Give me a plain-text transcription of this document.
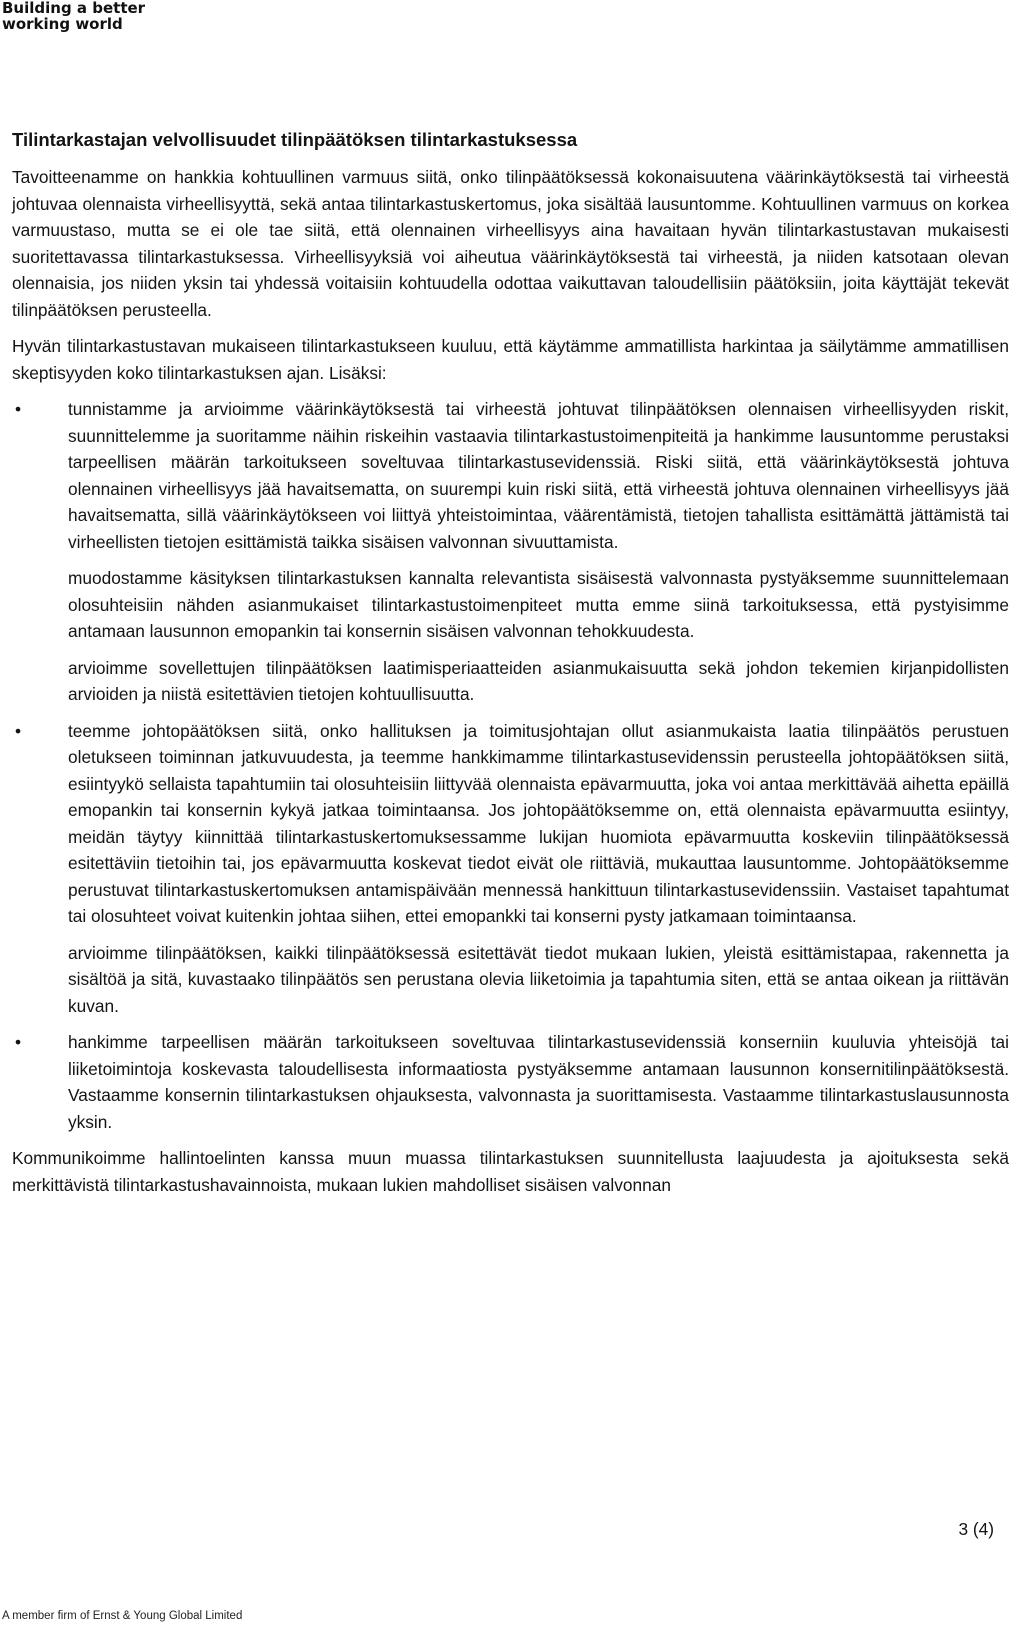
Building a better
working world
Tilintarkastajan velvollisuudet tilinpäätöksen tilintarkastuksessa

Tavoitteenamme on hankkia kohtuullinen varmuus siitä, onko tilinpäätöksessä kokonaisuutena väärinkäytöksestä tai virheestä johtuvaa olennaista virheellisyyttä, sekä antaa tilintarkastuskertomus, joka sisältää lausuntomme. Kohtuullinen varmuus on korkea varmuustaso, mutta se ei ole tae siitä, että olennainen virheellisyys aina havaitaan hyvän tilintarkastustavan mukaisesti suoritettavassa tilintarkastuksessa. Virheellisyyksiä voi aiheutua väärinkäytöksestä tai virheestä, ja niiden katsotaan olevan olennaisia, jos niiden yksin tai yhdessä voitaisiin kohtuudella odottaa vaikuttavan taloudellisiin päätöksiin, joita käyttäjät tekevät tilinpäätöksen perusteella.

Hyvän tilintarkastustavan mukaiseen tilintarkastukseen kuuluu, että käytämme ammatillista harkintaa ja säilytämme ammatillisen skeptisyyden koko tilintarkastuksen ajan. Lisäksi:

•	tunnistamme ja arvioimme väärinkäytöksestä tai virheestä johtuvat tilinpäätöksen olennaisen virheellisyyden riskit, suunnittelemme ja suoritamme näihin riskeihin vastaavia tilintarkastustoimenpiteitä ja hankimme lausuntomme perustaksi tarpeellisen määrän tarkoitukseen soveltuvaa tilintarkastusevidenssiä. Riski siitä, että väärinkäytöksestä johtuva olennainen virheellisyys jää havaitsematta, on suurempi kuin riski siitä, että virheestä johtuva olennainen virheellisyys jää havaitsematta, sillä väärinkäytökseen voi liittyä yhteistoimintaa, väärentämistä, tietojen tahallista esittämättä jättämistä tai virheellisten tietojen esittämistä taikka sisäisen valvonnan sivuuttamista.
muodostamme käsityksen tilintarkastuksen kannalta relevantista sisäisestä valvonnasta pystyäksemme suunnittelemaan olosuhteisiin nähden asianmukaiset tilintarkastustoimenpiteet mutta emme siinä tarkoituksessa, että pystyisimme antamaan lausunnon emopankin tai konsernin sisäisen valvonnan tehokkuudesta.
arvioimme sovellettujen tilinpäätöksen laatimisperiaatteiden asianmukaisuutta sekä johdon tekemien kirjanpidollisten arvioiden ja niistä esitettävien tietojen kohtuullisuutta.
•	teemme johtopäätöksen siitä, onko hallituksen ja toimitusjohtajan ollut asianmukaista laatia tilinpäätös perustuen oletukseen toiminnan jatkuvuudesta, ja teemme hankkimamme tilintarkastusevidenssin perusteella johtopäätöksen siitä, esiintyykö sellaista tapahtumiin tai olosuhteisiin liittyvää olennaista epävarmuutta, joka voi antaa merkittävää aihetta epäillä emopankin tai konsernin kykyä jatkaa toimintaansa. Jos johtopäätöksemme on, että olennaista epävarmuutta esiintyy, meidän täytyy kiinnittää tilintarkastuskertomuksessamme lukijan huomiota epävarmuutta koskeviin tilinpäätöksessä esitettäviin tietoihin tai, jos epävarmuutta koskevat tiedot eivät ole riittäviä, mukauttaa lausuntomme. Johtopäätöksemme perustuvat tilintarkastuskertomuksen antamispäivään mennessä hankittuun tilintarkastusevidenssiin. Vastaiset tapahtumat tai olosuhteet voivat kuitenkin johtaa siihen, ettei emopankki tai konserni pysty jatkamaan toimintaansa.
arvioimme tilinpäätöksen, kaikki tilinpäätöksessä esitettävät tiedot mukaan lukien, yleistä esittämistapaa, rakennetta ja sisältöä ja sitä, kuvastaako tilinpäätös sen perustana olevia liiketoimia ja tapahtumia siten, että se antaa oikean ja riittävän kuvan.
•	hankimme tarpeellisen määrän tarkoitukseen soveltuvaa tilintarkastusevidenssiä konserniin kuuluvia yhteisöjä tai liiketoimintoja koskevasta taloudellisesta informaatiosta pystyäksemme antamaan lausunnon konsernitilinpäätöksestä. Vastaamme konsernin tilintarkastuksen ohjauksesta, valvonnasta ja suorittamisesta. Vastaamme tilintarkastuslausunnosta yksin.

Kommunikoimme hallintoelinten kanssa muun muassa tilintarkastuksen suunnitellusta laajuudesta ja ajoituksesta sekä merkittävistä tilintarkastushavainnoista, mukaan lukien mahdolliset sisäisen valvonnan

3 (4)
A member firm of Ernst & Young Global Limited
